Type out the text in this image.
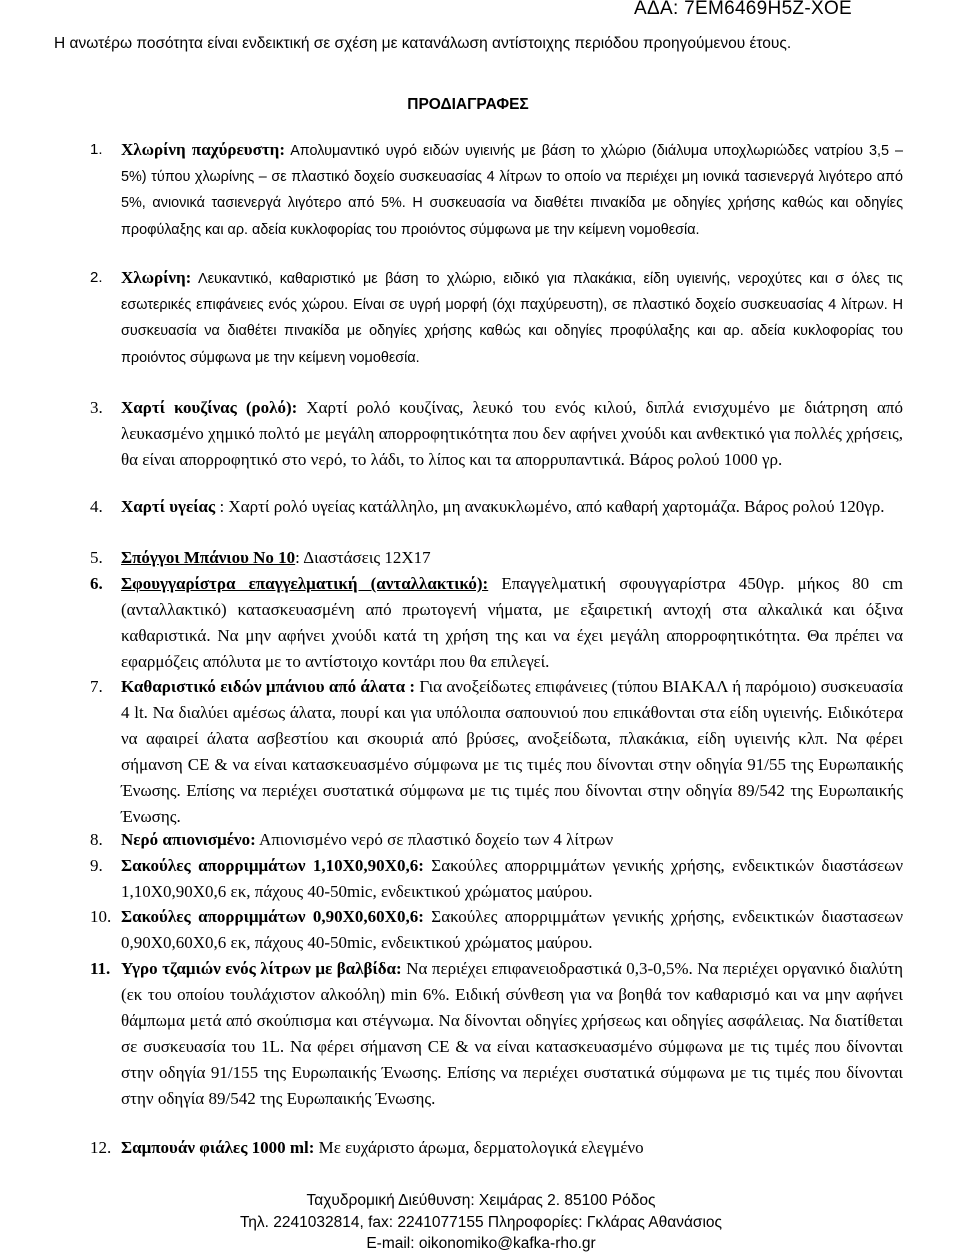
ΑΔΑ: 7ΕΜ6469Η5Ζ-ΧΟΕ
Η ανωτέρω ποσότητα είναι ενδεικτική σε σχέση με κατανάλωση αντίστοιχης περιόδου προηγούμενου έτους.
ΠΡΟΔΙΑΓΡΑΦΕΣ
1. Χλωρίνη παχύρευστη: Απολυμαντικό υγρό ειδών υγιεινής με βάση το χλώριο (διάλυμα υποχλωριώδες νατρίου 3,5 – 5%) τύπου χλωρίνης – σε πλαστικό δοχείο συσκευασίας 4 λίτρων το οποίο να περιέχει μη ιονικά τασιενεργά λιγότερο από 5%, ανιονικά τασιενεργά λιγότερο από 5%. Η συσκευασία να διαθέτει πινακίδα με οδηγίες χρήσης καθώς και οδηγίες προφύλαξης και αρ. αδεία κυκλοφορίας του προιόντος σύμφωνα με την κείμενη νομοθεσία.
2. Χλωρίνη: Λευκαντικό, καθαριστικό με βάση το χλώριο, ειδικό για πλακάκια, είδη υγιεινής, νεροχύτες και σ όλες τις εσωτερικές επιφάνειες ενός χώρου. Είναι σε υγρή μορφή (όχι παχύρευστη), σε πλαστικό δοχείο συσκευασίας 4 λίτρων. Η συσκευασία να διαθέτει πινακίδα με οδηγίες χρήσης καθώς και οδηγίες προφύλαξης και αρ. αδεία κυκλοφορίας του προιόντος σύμφωνα με την κείμενη νομοθεσία.
3. Χαρτί κουζίνας (ρολό): Χαρτί ρολό κουζίνας, λευκό του ενός κιλού, διπλά ενισχυμένο με διάτρηση από λευκασμένο χημικό πολτό με μεγάλη απορροφητικότητα που δεν αφήνει χνούδι και ανθεκτικό για πολλές χρήσεις, θα είναι απορροφητικό στο νερό, το λάδι, το λίπος και τα απορρυπαντικά. Βάρος ρολού 1000 γρ.
4. Χαρτί υγείας : Χαρτί ρολό υγείας κατάλληλο, μη ανακυκλωμένο, από καθαρή χαρτομάζα. Βάρος ρολού 120γρ.
5. Σπόγγοι Μπάνιου Νο 10: Διαστάσεις 12Χ17
6. Σφουγγαρίστρα επαγγελματική (ανταλλακτικό): Επαγγελματική σφουγγαρίστρα 450γρ. μήκος 80 cm (ανταλλακτικό) κατασκευασμένη από πρωτογενή νήματα, με εξαιρετική αντοχή στα αλκαλικά και όξινα καθαριστικά. Να μην αφήνει χνούδι κατά τη χρήση της και να έχει μεγάλη απορροφητικότητα. Θα πρέπει να εφαρμόζεις απόλυτα με το αντίστοιχο κοντάρι που θα επιλεγεί.
7. Καθαριστικό ειδών μπάνιου από άλατα : Για ανοξείδωτες επιφάνειες (τύπου ΒΙΑΚΑΛ ή παρόμοιο) συσκευασία 4 lt. Να διαλύει αμέσως άλατα, πουρί και για υπόλοιπα σαπουνιού που επικάθονται στα είδη υγιεινής. Ειδικότερα να αφαιρεί άλατα ασβεστίου και σκουριά από βρύσες, ανοξείδωτα, πλακάκια, είδη υγιεινής κλπ. Να φέρει σήμανση CE & να είναι κατασκευασμένο σύμφωνα με τις τιμές που δίνονται στην οδηγία 91/55 της Ευρωπαικής Ένωσης. Επίσης να περιέχει συστατικά σύμφωνα με τις τιμές που δίνονται στην οδηγία 89/542 της Ευρωπαικής Ένωσης.
8. Νερό απιονισμένο: Απιονισμένο νερό σε πλαστικό δοχείο των 4 λίτρων
9. Σακούλες απορριμμάτων 1,10Χ0,90Χ0,6: Σακούλες απορριμμάτων γενικής χρήσης, ενδεικτικών διαστάσεων 1,10Χ0,90Χ0,6 εκ, πάχους 40-50mic, ενδεικτικού χρώματος μαύρου.
10. Σακούλες απορριμμάτων 0,90Χ0,60Χ0,6: Σακούλες απορριμμάτων γενικής χρήσης, ενδεικτικών διαστασεων 0,90Χ0,60Χ0,6 εκ, πάχους 40-50mic, ενδεικτικού χρώματος μαύρου.
11. Υγρο τζαμιών ενός λίτρων με βαλβίδα: Να περιέχει επιφανειοδραστικά 0,3-0,5%. Να περιέχει οργανικό διαλύτη (εκ του οποίου τουλάχιστον αλκοόλη) min 6%. Ειδική σύνθεση για να βοηθά τον καθαρισμό και να μην αφήνει θάμπωμα μετά από σκούπισμα και στέγνωμα. Να δίνονται οδηγίες χρήσεως και οδηγίες ασφάλειας. Να διατίθεται σε συσκευασία του 1L. Να φέρει σήμανση CE & να είναι κατασκευασμένο σύμφωνα με τις τιμές που δίνονται στην οδηγία 91/155 της Ευρωπαικής Ένωσης. Επίσης να περιέχει συστατικά σύμφωνα με τις τιμές που δίνονται στην οδηγία 89/542 της Ευρωπαικής Ένωσης.
12. Σαμπουάν φιάλες 1000 ml: Με ευχάριστο άρωμα, δερματολογικά ελεγμένο
Ταχυδρομική Διεύθυνση: Χειμάρας 2. 85100 Ρόδος
Τηλ. 2241032814, fax: 2241077155 Πληροφορίες: Γκλάρας Αθανάσιος
E-mail: oikonomiko@kafka-rho.gr
